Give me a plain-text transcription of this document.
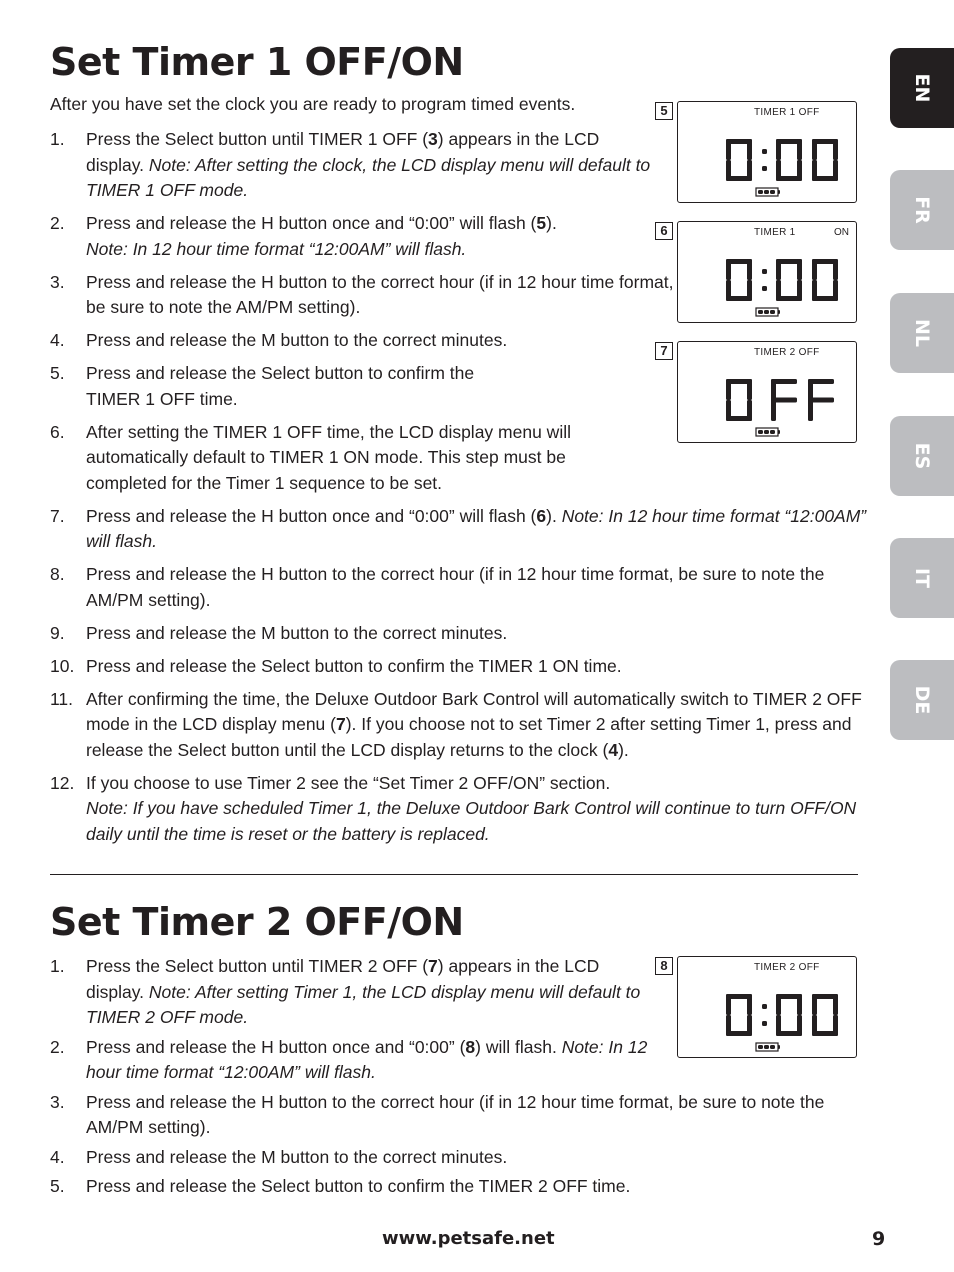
Set Timer 1 OFF/ON
After you have set the clock you are ready to program timed events.
1. Press the Select button until TIMER 1 OFF (3) appears in the LCD display. Note: After setting the clock, the LCD display menu will default to TIMER 1 OFF mode.
2. Press and release the H button once and “0:00” will flash (5).
Note: In 12 hour time format “12:00AM” will flash.
3. Press and release the H button to the correct hour (if in 12 hour time format, be sure to note the AM/PM setting).
4. Press and release the M button to the correct minutes.
5. Press and release the Select button to confirm the TIMER 1 OFF time.
6. After setting the TIMER 1 OFF time, the LCD display menu will automatically default to TIMER 1 ON mode. This step must be completed for the Timer 1 sequence to be set.
7. Press and release the H button once and “0:00” will flash (6). Note: In 12 hour time format “12:00AM” will flash.
8. Press and release the H button to the correct hour (if in 12 hour time format, be sure to note the AM/PM setting).
9. Press and release the M button to the correct minutes.
10. Press and release the Select button to confirm the TIMER 1 ON time.
11. After confirming the time, the Deluxe Outdoor Bark Control will automatically switch to TIMER 2 OFF mode in the LCD display menu (7). If you choose not to set Timer 2 after setting Timer 1, press and release the Select button until the LCD display returns to the clock (4).
12. If you choose to use Timer 2 see the “Set Timer 2 OFF/ON” section.
Note: If you have scheduled Timer 1, the Deluxe Outdoor Bark Control will continue to turn OFF/ON daily until the time is reset or the battery is replaced.
Set Timer 2 OFF/ON
1. Press the Select button until TIMER 2 OFF (7) appears in the LCD display. Note: After setting Timer 1, the LCD display menu will default to TIMER 2 OFF mode.
2. Press and release the H button once and “0:00” (8) will flash. Note: In 12 hour time format “12:00AM” will flash.
3. Press and release the H button to the correct hour (if in 12 hour time format, be sure to note the AM/PM setting).
4. Press and release the M button to the correct minutes.
5. Press and release the Select button to confirm the TIMER 2 OFF time.
5	TIMER 1 OFF
6	TIMER 1	ON
7	TIMER 2 OFF
8	TIMER 2 OFF
EN
FR
NL
ES
IT
DE
www.petsafe.net	9
